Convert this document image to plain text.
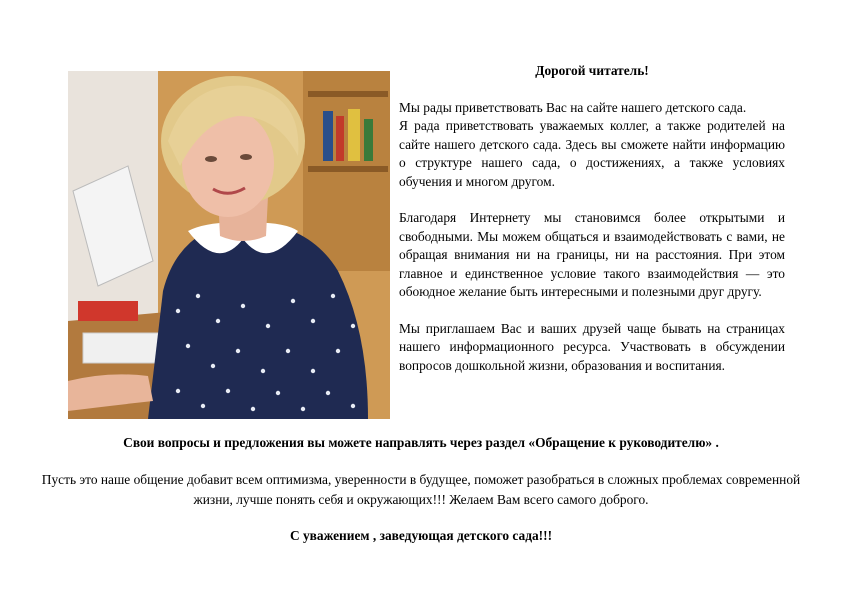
Дорогой читатель!

Мы рады приветствовать Вас на сайте нашего детского сада.

Я рада приветствовать уважаемых коллег, а также родителей на сайте нашего детского сада. Здесь вы сможете найти информацию о структуре нашего сада, о достижениях, а также условиях обучения и многом другом.

Благодаря Интернету мы становимся более открытыми и свободными. Мы можем общаться и взаимодействовать с вами, не обращая внимания ни на границы, ни на расстояния. При этом главное и единственное условие такого взаимодействия — это обоюдное желание быть интересными и полезными друг другу.

Мы приглашаем Вас и ваших друзей чаще бывать на страницах нашего информационного ресурса. Участвовать в обсуждении вопросов дошкольной жизни, образования и воспитания.

Свои вопросы и предложения вы можете направлять через раздел «Обращение к руководителю» .
Пусть это наше общение добавит всем оптимизма, уверенности в будущее, поможет разобраться в сложных проблемах современной жизни, лучше понять себя и окружающих!!! Желаем Вам всего самого доброго.
С уважением , заведующая детского сада!!!
